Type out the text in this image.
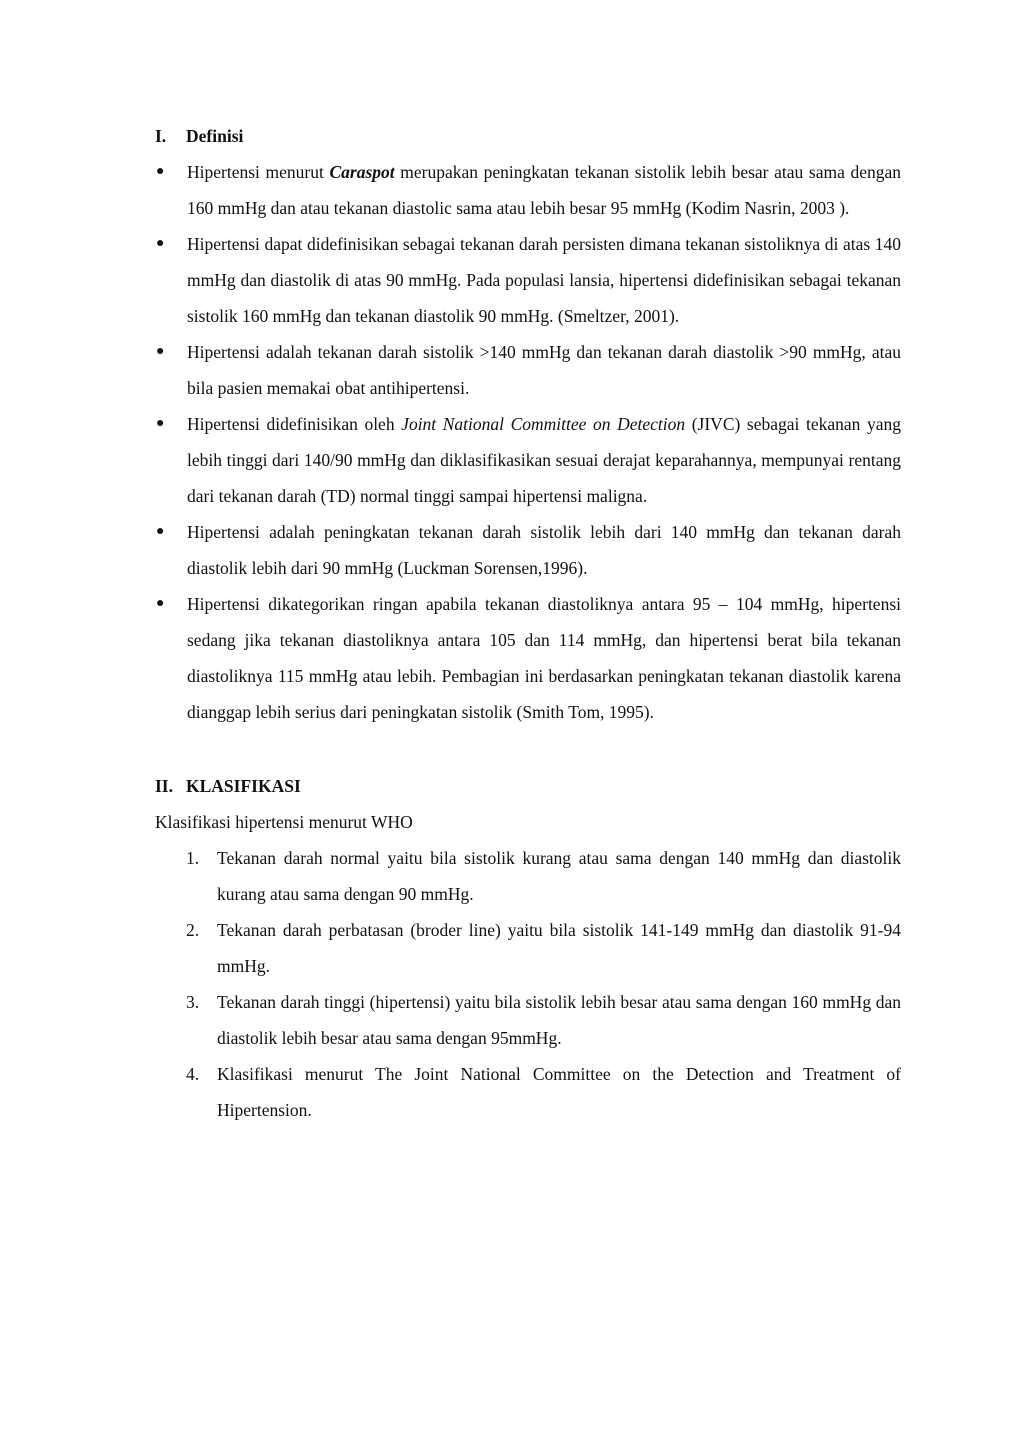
I.	Definisi
●	Hipertensi menurut Caraspot merupakan peningkatan tekanan sistolik lebih besar atau sama dengan 160 mmHg dan atau tekanan diastolic sama atau lebih besar 95 mmHg (Kodim Nasrin, 2003 ).
●	Hipertensi dapat didefinisikan sebagai tekanan darah persisten dimana tekanan sistoliknya di atas 140 mmHg dan diastolik di atas 90 mmHg. Pada populasi lansia, hipertensi didefinisikan sebagai tekanan sistolik 160 mmHg dan tekanan diastolik 90 mmHg. (Smeltzer, 2001).
●	Hipertensi adalah tekanan darah sistolik >140 mmHg dan tekanan darah diastolik >90 mmHg, atau bila pasien memakai obat antihipertensi.
●	Hipertensi didefinisikan oleh Joint National Committee on Detection (JIVC) sebagai tekanan yang lebih tinggi dari 140/90 mmHg dan diklasifikasikan sesuai derajat keparahannya, mempunyai rentang dari tekanan darah (TD) normal tinggi sampai hipertensi maligna.
●	Hipertensi adalah peningkatan tekanan darah sistolik lebih dari 140 mmHg dan tekanan darah diastolik lebih dari 90 mmHg (Luckman Sorensen,1996).
●	Hipertensi dikategorikan ringan apabila tekanan diastoliknya antara 95 – 104 mmHg, hipertensi sedang jika tekanan diastoliknya antara 105 dan 114 mmHg, dan hipertensi berat bila tekanan diastoliknya 115 mmHg atau lebih. Pembagian ini berdasarkan peningkatan tekanan diastolik karena dianggap lebih serius dari peningkatan sistolik (Smith Tom, 1995).
II. KLASIFIKASI
Klasifikasi hipertensi menurut WHO
1.	Tekanan darah normal yaitu bila sistolik kurang atau sama dengan 140 mmHg dan diastolik kurang atau sama dengan 90 mmHg.
2.	Tekanan darah perbatasan (broder line) yaitu bila sistolik 141-149 mmHg dan diastolik 91-94 mmHg.
3.	Tekanan darah tinggi (hipertensi) yaitu bila sistolik lebih besar atau sama dengan 160 mmHg dan diastolik lebih besar atau sama dengan 95mmHg.
4.	Klasifikasi menurut The Joint National Committee on the Detection and Treatment of Hipertension.
